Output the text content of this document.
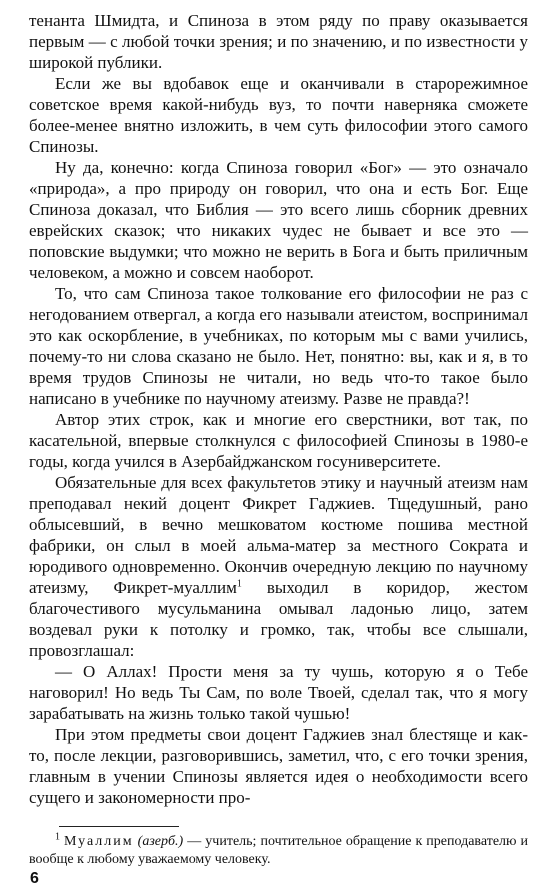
тенанта Шмидта, и Спиноза в этом ряду по праву оказывается первым — с любой точки зрения; и по значению, и по известности у широкой публики.

Если же вы вдобавок еще и оканчивали в старорежимное советское время какой-нибудь вуз, то почти наверняка сможете более-менее внятно изложить, в чем суть философии этого самого Спинозы.

Ну да, конечно: когда Спиноза говорил «Бог» — это означало «природа», а про природу он говорил, что она и есть Бог. Еще Спиноза доказал, что Библия — это всего лишь сборник древних еврейских сказок; что никаких чудес не бывает и все это — поповские выдумки; что можно не верить в Бога и быть приличным человеком, а можно и совсем наоборот.

То, что сам Спиноза такое толкование его философии не раз с негодованием отвергал, а когда его называли атеистом, воспринимал это как оскорбление, в учебниках, по которым мы с вами учились, почему-то ни слова сказано не было. Нет, понятно: вы, как и я, в то время трудов Спинозы не читали, но ведь что-то такое было написано в учебнике по научному атеизму. Разве не правда?!

Автор этих строк, как и многие его сверстники, вот так, по касательной, впервые столкнулся с философией Спинозы в 1980-е годы, когда учился в Азербайджанском госуниверситете.

Обязательные для всех факультетов этику и научный атеизм нам преподавал некий доцент Фикрет Гаджиев. Тщедушный, рано облысевший, в вечно мешковатом костюме пошива местной фабрики, он слыл в моей альма-матер за местного Сократа и юродивого одновременно. Окончив очередную лекцию по научному атеизму, Фикрет-муаллим$^1$ выходил в коридор, жестом благочестивого мусульманина омывал ладонью лицо, затем воздевал руки к потолку и громко, так, чтобы все слышали, провозглашал:

— О Аллах! Прости меня за ту чушь, которую я о Тебе наговорил! Но ведь Ты Сам, по воле Твоей, сделал так, что я могу зарабатывать на жизнь только такой чушью!

При этом предметы свои доцент Гаджиев знал блестяще и как-то, после лекции, разговорившись, заметил, что, с его точки зрения, главным в учении Спинозы является идея о необходимости всего сущего и закономерности про-

$^1$ Муаллим (азерб.) — учитель; почтительное обращение к преподавателю и вообще к любому уважаемому человеку.

6
